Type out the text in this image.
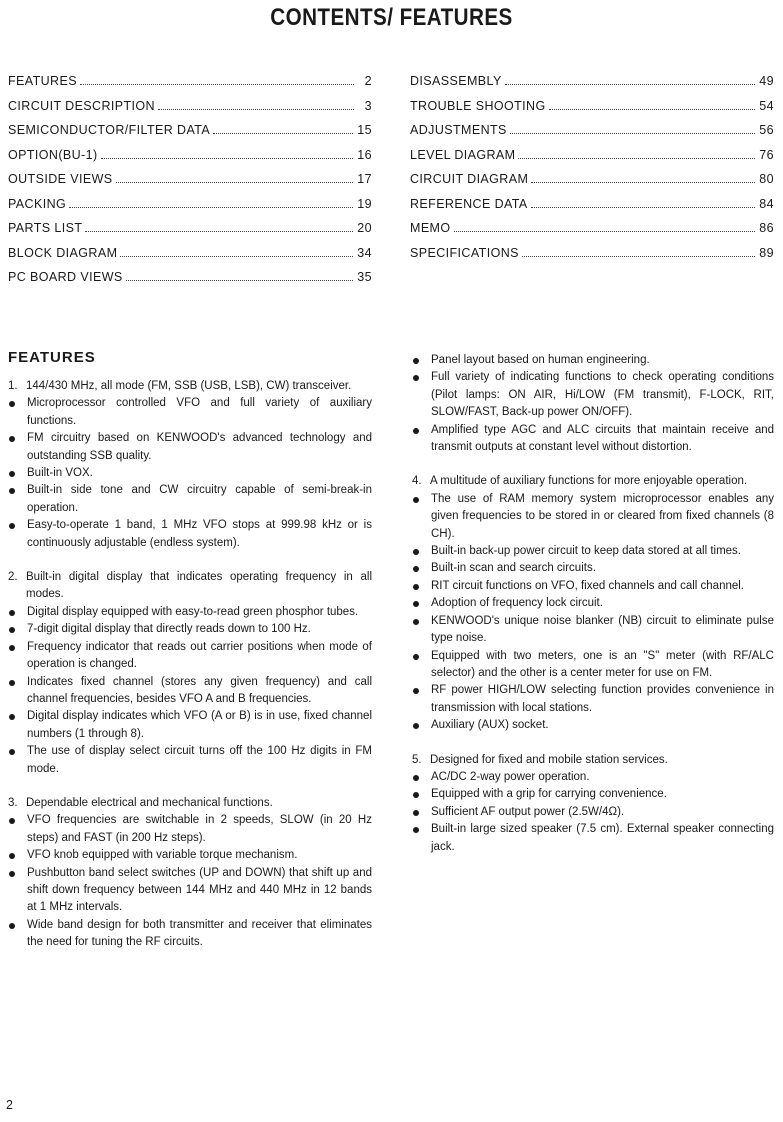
CONTENTS/ FEATURES
FEATURES	2
CIRCUIT DESCRIPTION	3
SEMICONDUCTOR/FILTER DATA	15
OPTION(BU-1)	16
OUTSIDE VIEWS	17
PACKING	19
PARTS LIST	20
BLOCK DIAGRAM	34
PC BOARD VIEWS	35
DISASSEMBLY	49
TROUBLE SHOOTING	54
ADJUSTMENTS	56
LEVEL DIAGRAM	76
CIRCUIT DIAGRAM	80
REFERENCE DATA	84
MEMO	86
SPECIFICATIONS	89
FEATURES
1. 144/430 MHz, all mode (FM, SSB (USB, LSB), CW) transceiver.
Microprocessor controlled VFO and full variety of auxiliary functions.
FM circuitry based on KENWOOD's advanced technology and outstanding SSB quality.
Built-in VOX.
Built-in side tone and CW circuitry capable of semi-break-in operation.
Easy-to-operate 1 band, 1 MHz VFO stops at 999.98 kHz or is continuously adjustable (endless system).
2. Built-in digital display that indicates operating frequency in all modes.
Digital display equipped with easy-to-read green phosphor tubes.
7-digit digital display that directly reads down to 100 Hz.
Frequency indicator that reads out carrier positions when mode of operation is changed.
Indicates fixed channel (stores any given frequency) and call channel frequencies, besides VFO A and B frequencies.
Digital display indicates which VFO (A or B) is in use, fixed channel numbers (1 through 8).
The use of display select circuit turns off the 100 Hz digits in FM mode.
3. Dependable electrical and mechanical functions.
VFO frequencies are switchable in 2 speeds, SLOW (in 20 Hz steps) and FAST (in 200 Hz steps).
VFO knob equipped with variable torque mechanism.
Pushbutton band select switches (UP and DOWN) that shift up and shift down frequency between 144 MHz and 440 MHz in 12 bands at 1 MHz intervals.
Wide band design for both transmitter and receiver that eliminates the need for tuning the RF circuits.
Panel layout based on human engineering.
Full variety of indicating functions to check operating conditions (Pilot lamps: ON AIR, Hi/LOW (FM transmit), F-LOCK, RIT, SLOW/FAST, Back-up power ON/OFF).
Amplified type AGC and ALC circuits that maintain receive and transmit outputs at constant level without distortion.
4. A multitude of auxiliary functions for more enjoyable operation.
The use of RAM memory system microprocessor enables any given frequencies to be stored in or cleared from fixed channels (8 CH).
Built-in back-up power circuit to keep data stored at all times.
Built-in scan and search circuits.
RIT circuit functions on VFO, fixed channels and call channel.
Adoption of frequency lock circuit.
KENWOOD's unique noise blanker (NB) circuit to eliminate pulse type noise.
Equipped with two meters, one is an "S" meter (with RF/ALC selector) and the other is a center meter for use on FM.
RF power HIGH/LOW selecting function provides convenience in transmission with local stations.
Auxiliary (AUX) socket.
5. Designed for fixed and mobile station services.
AC/DC 2-way power operation.
Equipped with a grip for carrying convenience.
Sufficient AF output power (2.5W/4Ω).
Built-in large sized speaker (7.5 cm). External speaker connecting jack.
2
